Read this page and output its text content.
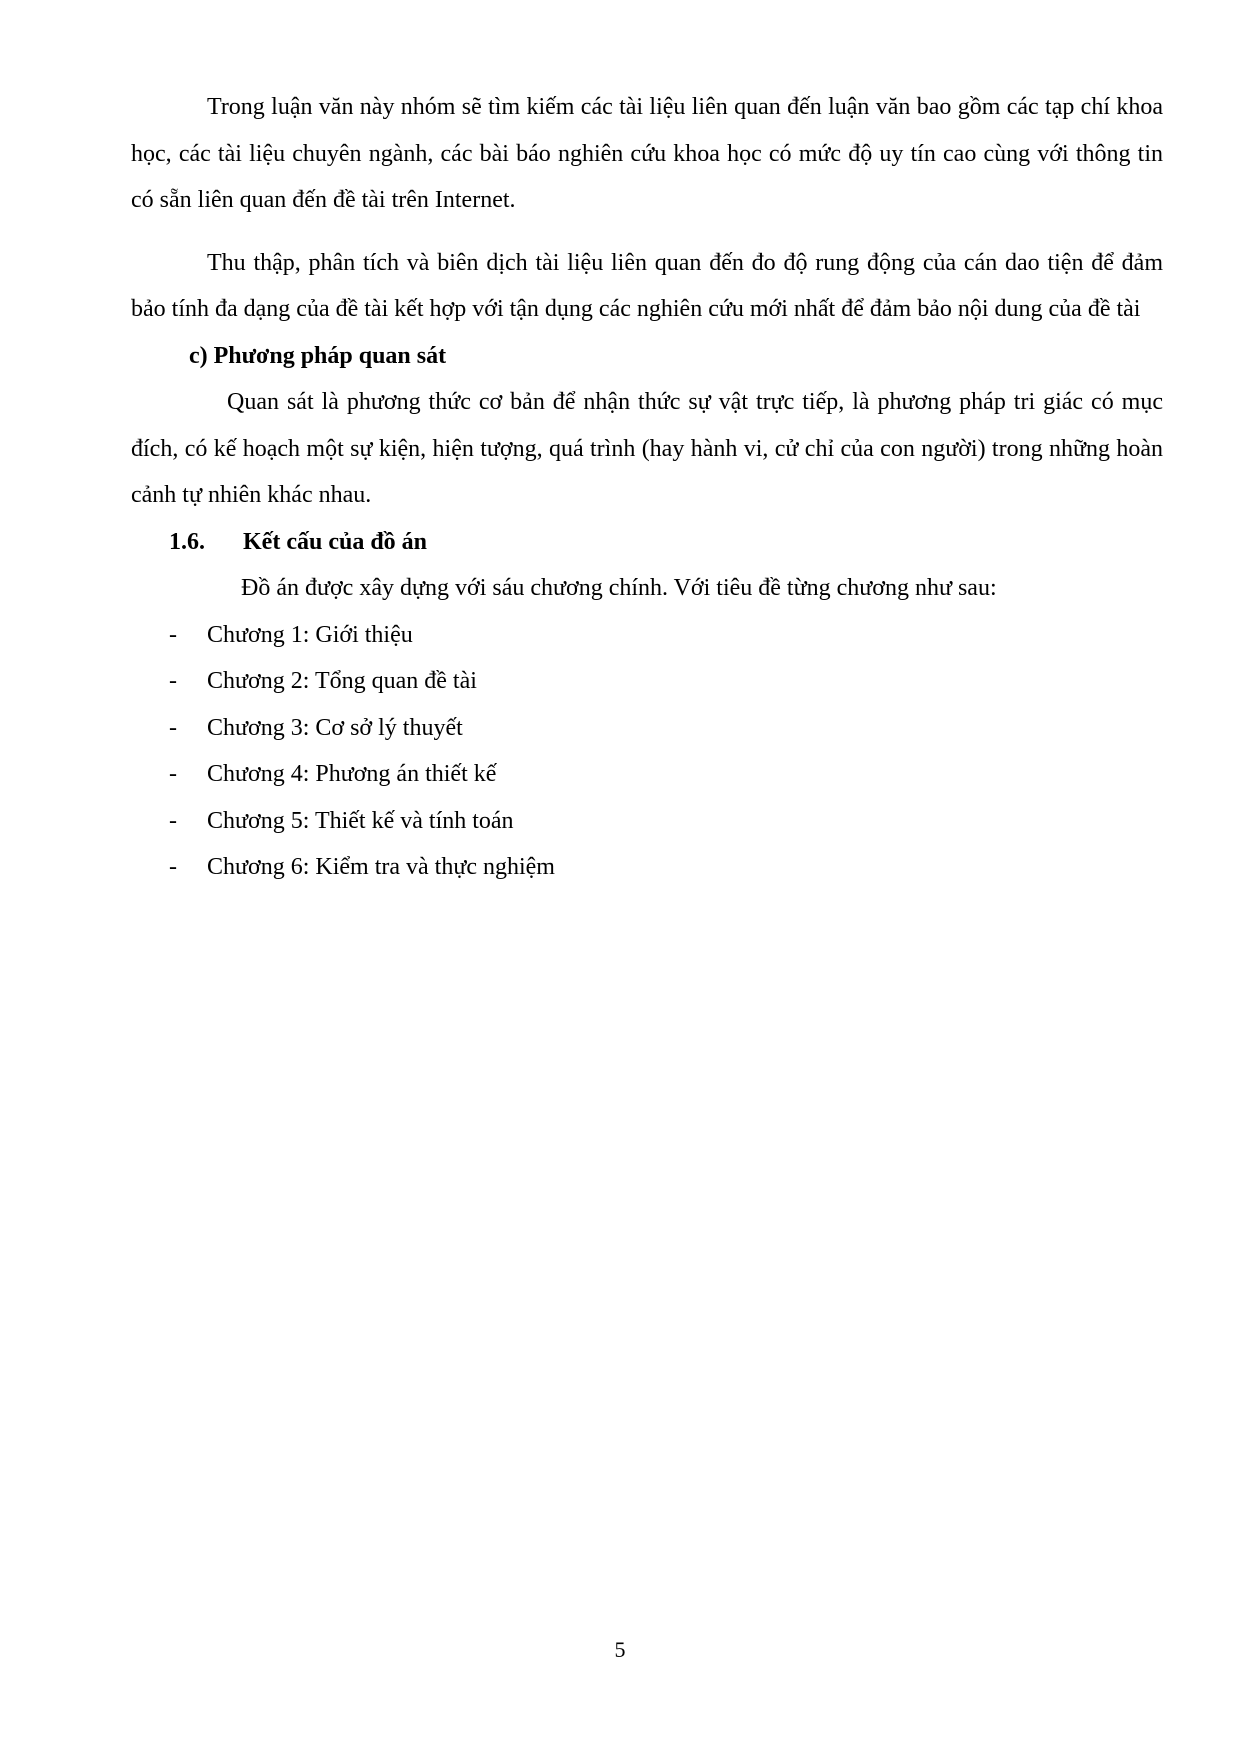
Trong luận văn này nhóm sẽ tìm kiếm các tài liệu liên quan đến luận văn bao gồm các tạp chí khoa học, các tài liệu chuyên ngành, các bài báo nghiên cứu khoa học có mức độ uy tín cao cùng với thông tin có sẵn liên quan đến đề tài trên Internet.

Thu thập, phân tích và biên dịch tài liệu liên quan đến đo độ rung động của cán dao tiện để đảm bảo tính đa dạng của đề tài kết hợp với tận dụng các nghiên cứu mới nhất để đảm bảo nội dung của đề tài

c) Phương pháp quan sát

Quan sát là phương thức cơ bản để nhận thức sự vật trực tiếp, là phương pháp tri giác có mục đích, có kế hoạch một sự kiện, hiện tượng, quá trình (hay hành vi, cử chỉ của con người) trong những hoàn cảnh tự nhiên khác nhau.

1.6.	Kết cấu của đồ án

Đồ án được xây dựng với sáu chương chính. Với tiêu đề từng chương như sau:

-	Chương 1: Giới thiệu
-	Chương 2: Tổng quan đề tài
-	Chương 3: Cơ sở lý thuyết
-	Chương 4: Phương án thiết kế
-	Chương 5: Thiết kế và tính toán
-	Chương 6: Kiểm tra và thực nghiệm
5
